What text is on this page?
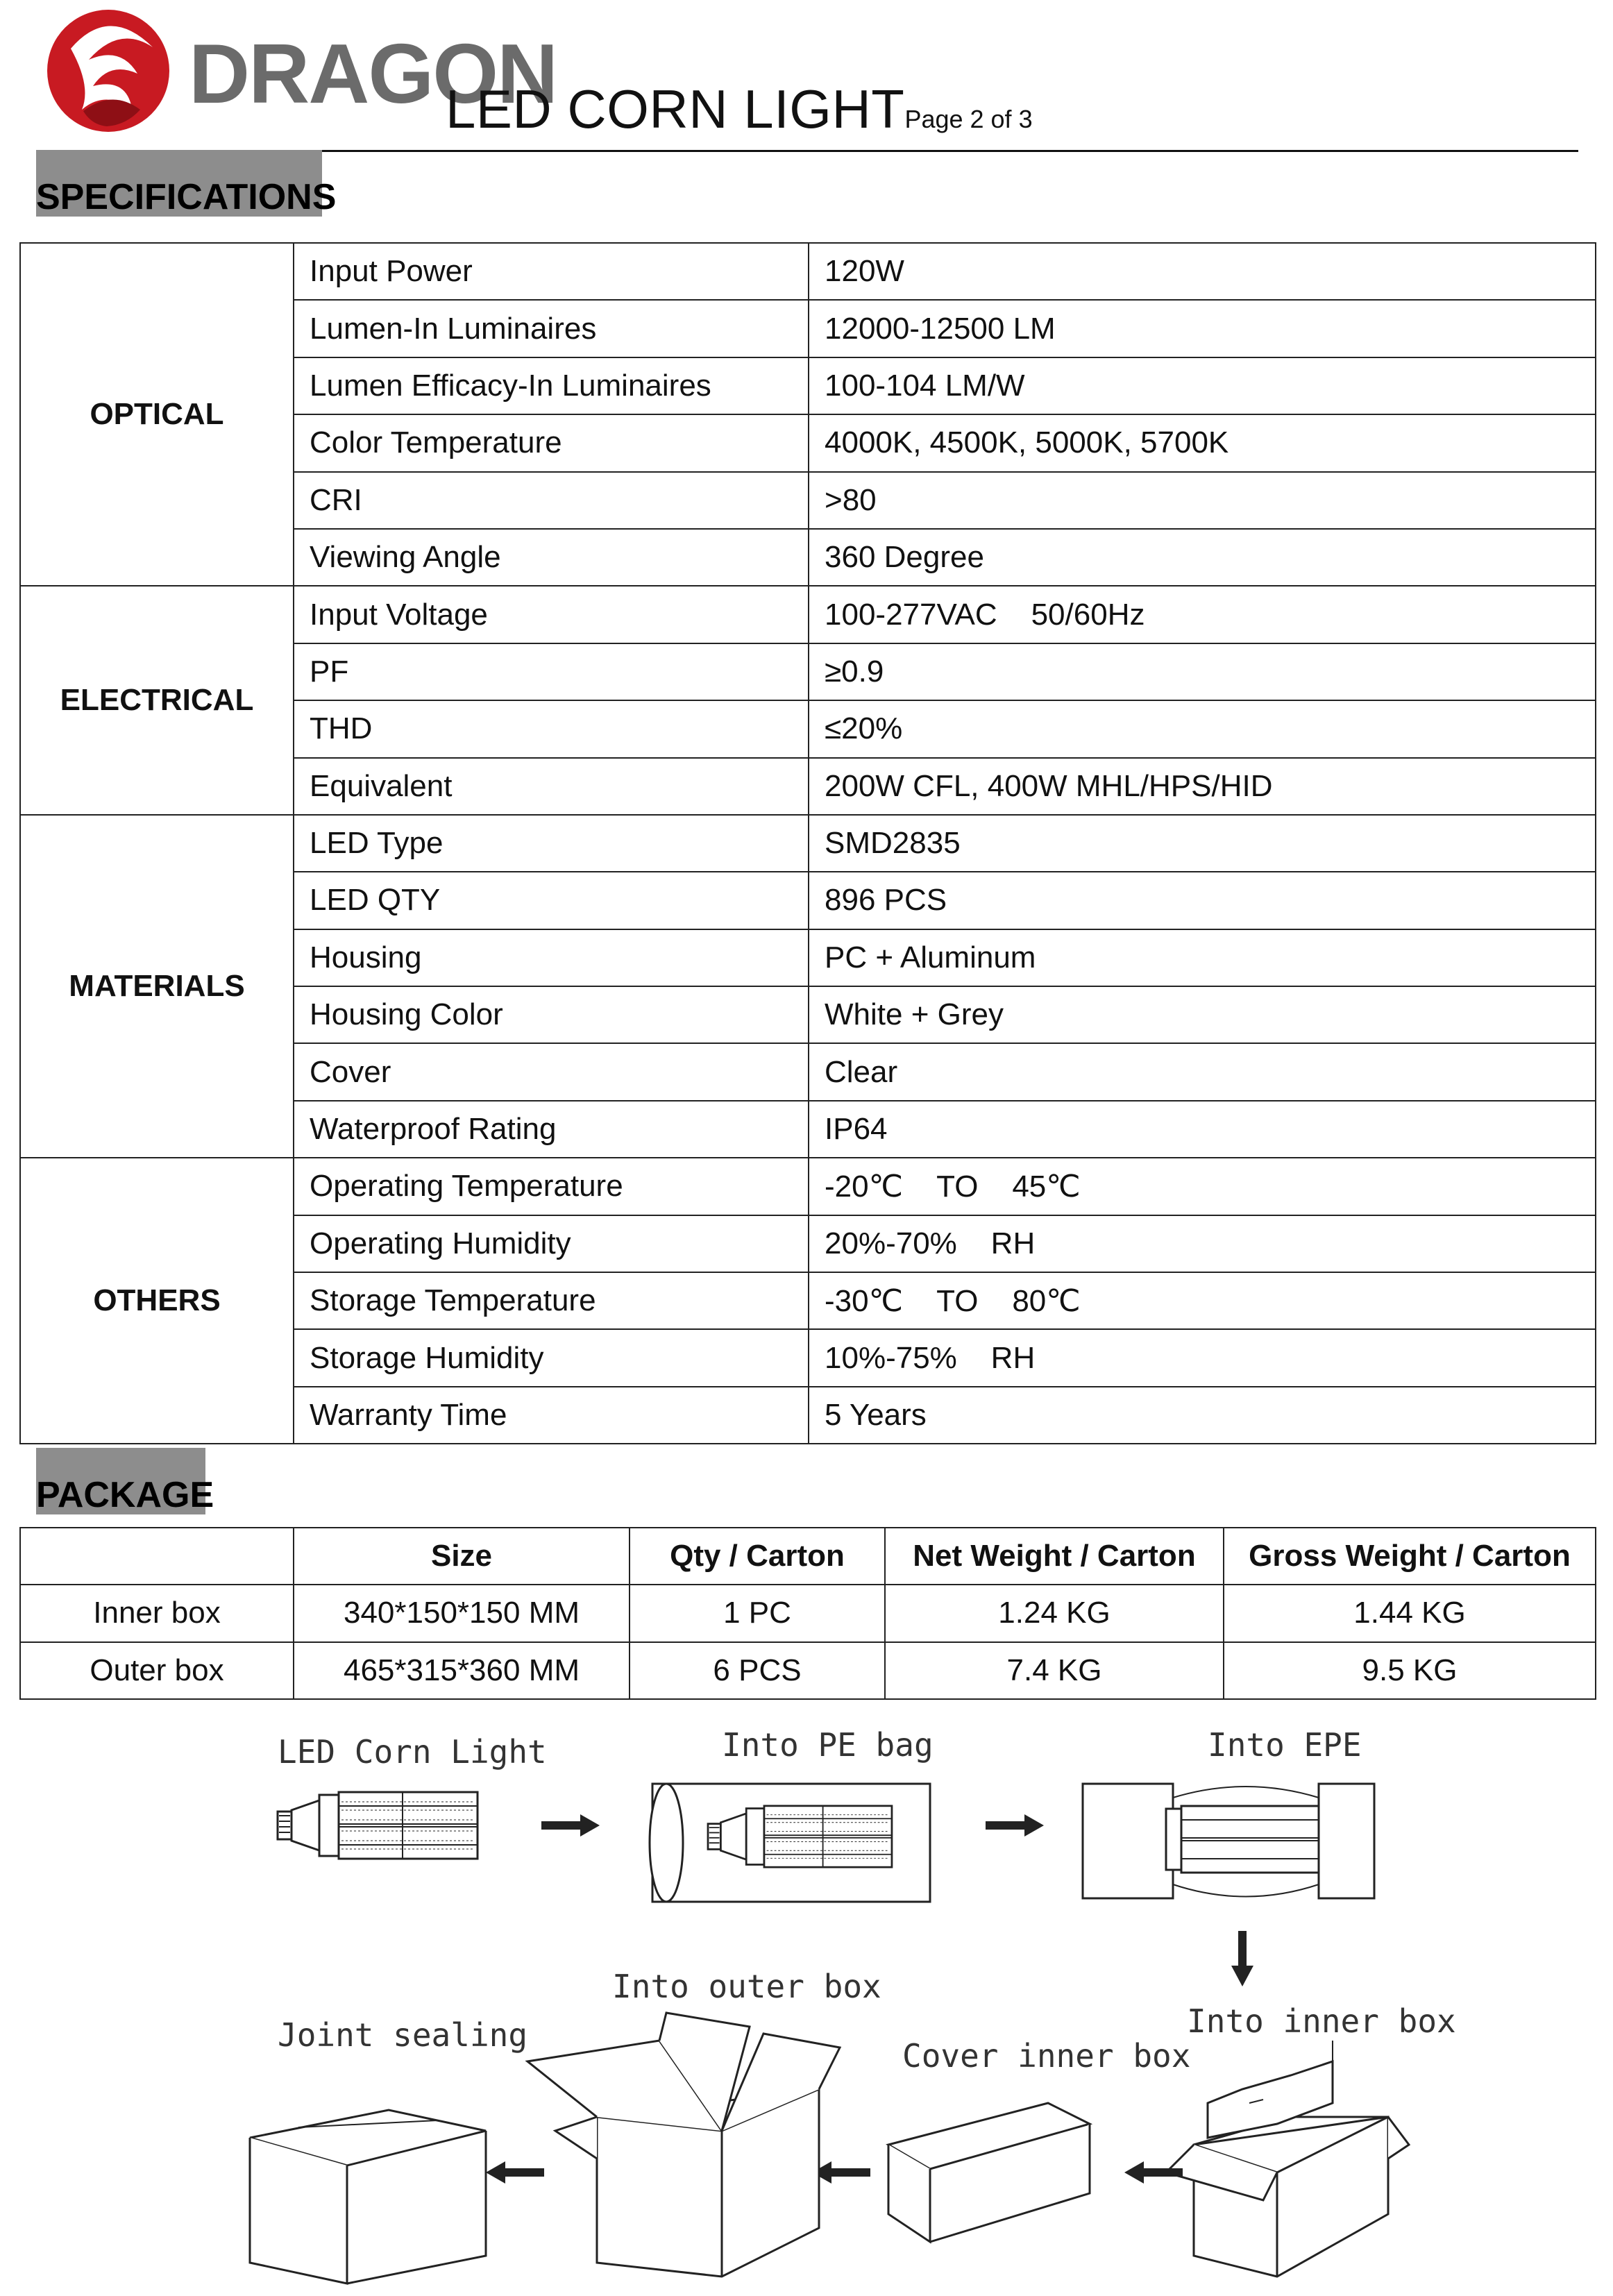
DRAGON
LED CORN LIGHTPage 2 of 3
SPECIFICATIONS
OPTICAL	Input Power	120W
	Lumen-In Luminaires	12000-12500 LM
	Lumen Efficacy-In Luminaires	100-104 LM/W
	Color Temperature	4000K, 4500K, 5000K, 5700K
	CRI	>80
	Viewing Angle	360 Degree
ELECTRICAL	Input Voltage	100-277VAC    50/60Hz
	PF	≥0.9
	THD	≤20%
	Equivalent	200W CFL, 400W MHL/HPS/HID
MATERIALS	LED Type	SMD2835
	LED QTY	896 PCS
	Housing	PC + Aluminum
	Housing Color	White + Grey
	Cover	Clear
	Waterproof Rating	IP64
OTHERS	Operating Temperature	-20℃    TO    45℃
	Operating Humidity	20%-70%    RH
	Storage Temperature	-30℃    TO    80℃
	Storage Humidity	10%-75%    RH
	Warranty Time	5 Years
PACKAGE
	Size	Qty / Carton	Net Weight / Carton	Gross Weight / Carton
Inner box	340*150*150 MM	1 PC	1.24 KG	1.44 KG
Outer box	465*315*360 MM	6 PCS	7.4 KG	9.5 KG
LED Corn Light	Into PE bag	Into EPE
Into inner box
Cover inner box
Into outer box
Joint sealing
